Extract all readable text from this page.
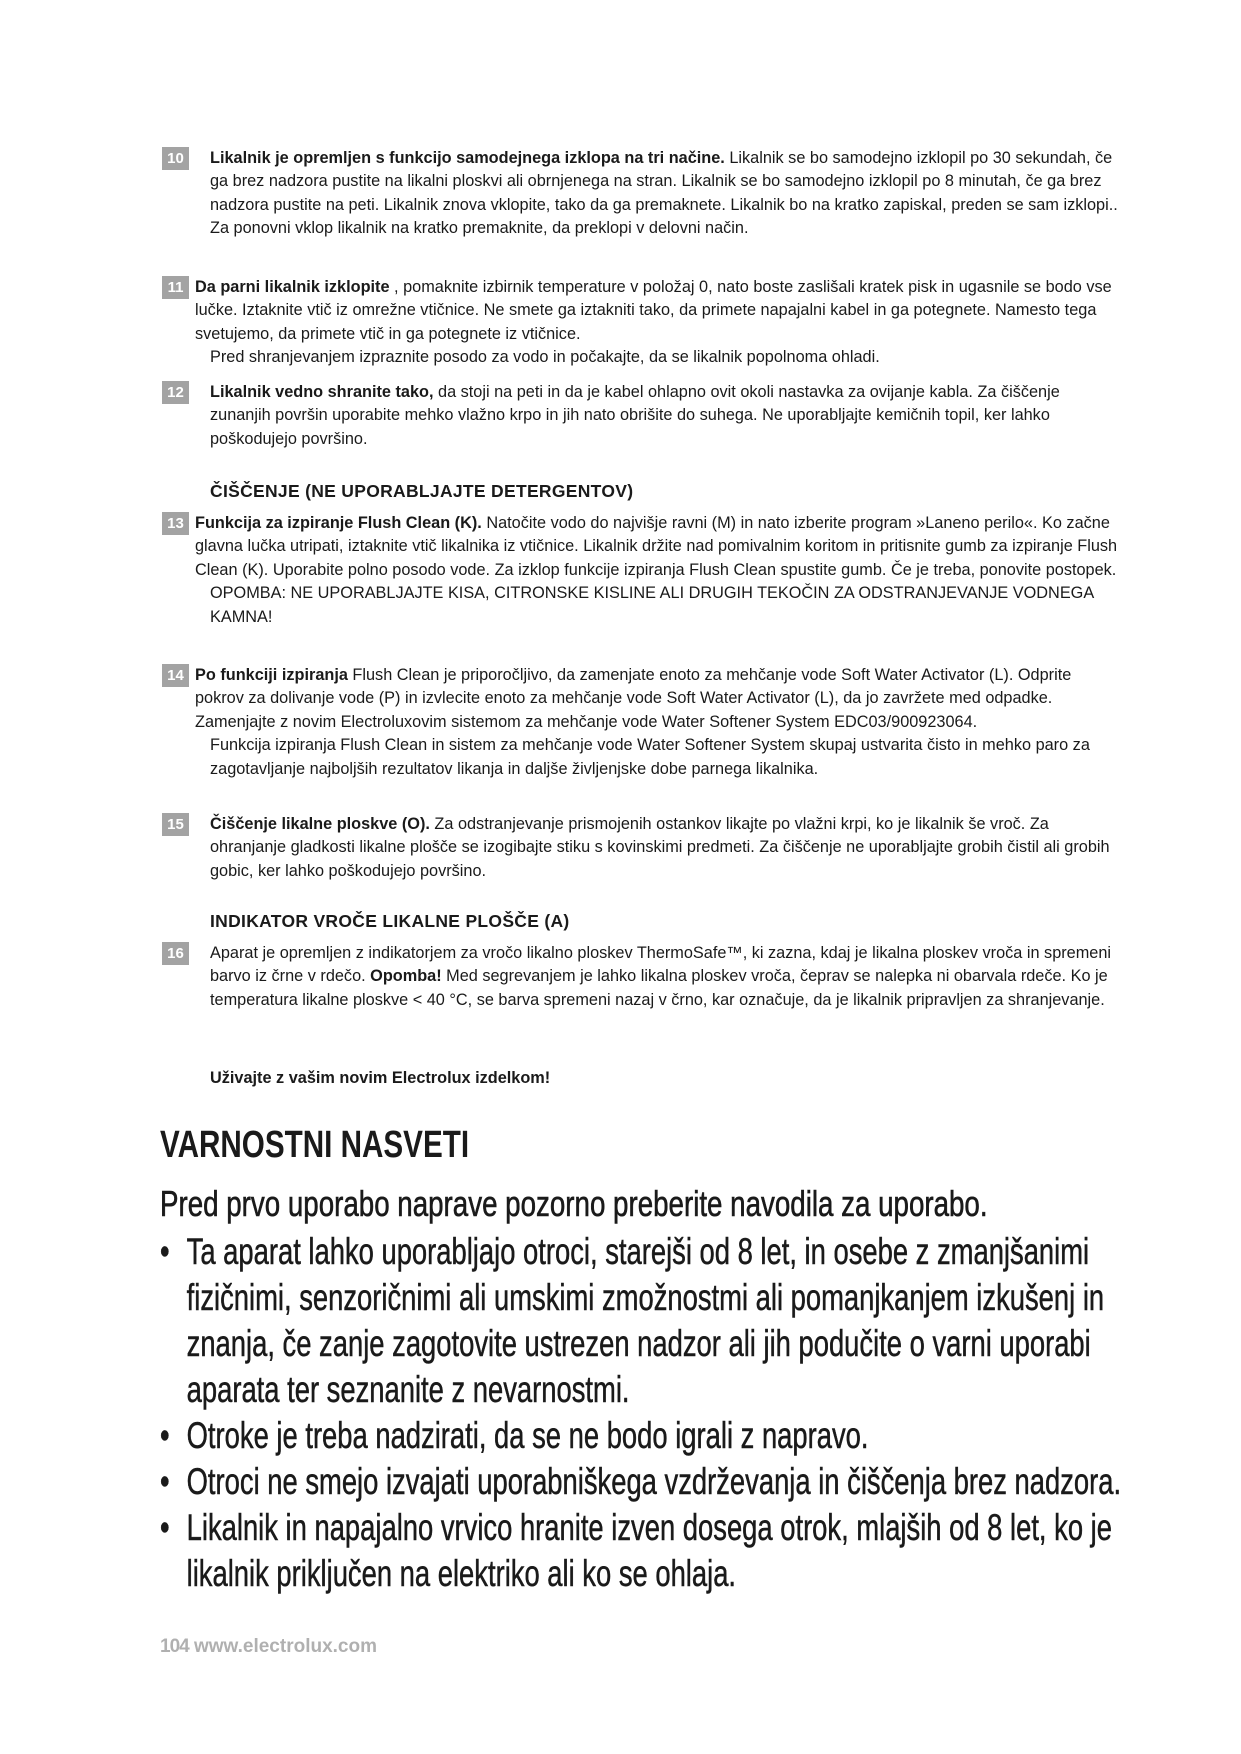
10	Likalnik je opremljen s funkcijo samodejnega izklopa na tri načine. Likalnik se bo samodejno izklopil po 30 sekundah, če ga brez nadzora pustite na likalni ploskvi ali obrnjenega na stran. Likalnik se bo samodejno izklopil po 8 minutah, če ga brez nadzora pustite na peti. Likalnik znova vklopite, tako da ga premaknete. Likalnik bo na kratko zapiskal, preden se sam izklopi.. Za ponovni vklop likalnik na kratko premaknite, da preklopi v delovni način.
11 Da parni likalnik izklopite , pomaknite izbirnik temperature v položaj 0, nato boste zaslišali kratek pisk in ugasnile se bodo vse lučke. Iztaknite vtič iz omrežne vtičnice. Ne smete ga iztakniti tako, da primete napajalni kabel in ga potegnete. Namesto tega svetujemo, da primete vtič in ga potegnete iz vtičnice.

Pred shranjevanjem izpraznite posodo za vodo in počakajte, da se likalnik popolnoma ohladi.

12	Likalnik vedno shranite tako, da stoji na peti in da je kabel ohlapno ovit okoli nastavka za ovijanje kabla. Za čiščenje zunanjih površin uporabite mehko vlažno krpo in jih nato obrišite do suhega. Ne uporabljajte kemičnih topil, ker lahko poškodujejo površino.
ČIŠČENJE (NE UPORABLJAJTE DETERGENTOV)
13 Funkcija za izpiranje Flush Clean (K). Natočite vodo do najvišje ravni (M) in nato izberite program »Laneno perilo«. Ko začne glavna lučka utripati, iztaknite vtič likalnika iz vtičnice. Likalnik držite nad pomivalnim koritom in pritisnite gumb za izpiranje Flush Clean (K). Uporabite polno posodo vode. Za izklop funkcije izpiranja Flush Clean spustite gumb. Če je treba, ponovite postopek.

OPOMBA: NE UPORABLJAJTE KISA, CITRONSKE KISLINE ALI DRUGIH TEKOČIN ZA ODSTRANJEVANJE VODNEGA KAMNA!

14 Po funkciji izpiranja Flush Clean je priporočljivo, da zamenjate enoto za mehčanje vode Soft Water Activator (L). Odprite pokrov za dolivanje vode (P) in izvlecite enoto za mehčanje vode Soft Water Activator (L), da jo zavržete med odpadke. Zamenjajte z novim Electroluxovim sistemom za mehčanje vode Water Softener System EDC03/900923064.

Funkcija izpiranja Flush Clean in sistem za mehčanje vode Water Softener System skupaj ustvarita čisto in mehko paro za zagotavljanje najboljših rezultatov likanja in daljše življenjske dobe parnega likalnika.

15	Čiščenje likalne ploskve (O). Za odstranjevanje prismojenih ostankov likajte po vlažni krpi, ko je likalnik še vroč. Za ohranjanje gladkosti likalne plošče se izogibajte stiku s kovinskimi predmeti. Za čiščenje ne uporabljajte grobih čistil ali grobih gobic, ker lahko poškodujejo površino.
INDIKATOR VROČE LIKALNE PLOŠČE (A)
16	Aparat je opremljen z indikatorjem za vročo likalno ploskev ThermoSafe™, ki zazna, kdaj je likalna ploskev vroča in spremeni barvo iz črne v rdečo. Opomba! Med segrevanjem je lahko likalna ploskev vroča, čeprav se nalepka ni obarvala rdeče. Ko je temperatura likalne ploskve < 40 °C, se barva spremeni nazaj v črno, kar označuje, da je likalnik pripravljen za shranjevanje.
Uživajte z vašim novim Electrolux izdelkom!
VARNOSTNI NASVETI
Pred prvo uporabo naprave pozorno preberite navodila za uporabo.
• Ta aparat lahko uporabljajo otroci, starejši od 8 let, in osebe z zmanjšanimi fizičnimi, senzoričnimi ali umskimi zmožnostmi ali pomanjkanjem izkušenj in znanja, če zanje zagotovite ustrezen nadzor ali jih podučite o varni uporabi aparata ter seznanite z nevarnostmi.
• Otroke je treba nadzirati, da se ne bodo igrali z napravo.
• Otroci ne smejo izvajati uporabniškega vzdrževanja in čiščenja brez nadzora.
• Likalnik in napajalno vrvico hranite izven dosega otrok, mlajših od 8 let, ko je likalnik priključen na elektriko ali ko se ohlaja.
104 www.electrolux.com
